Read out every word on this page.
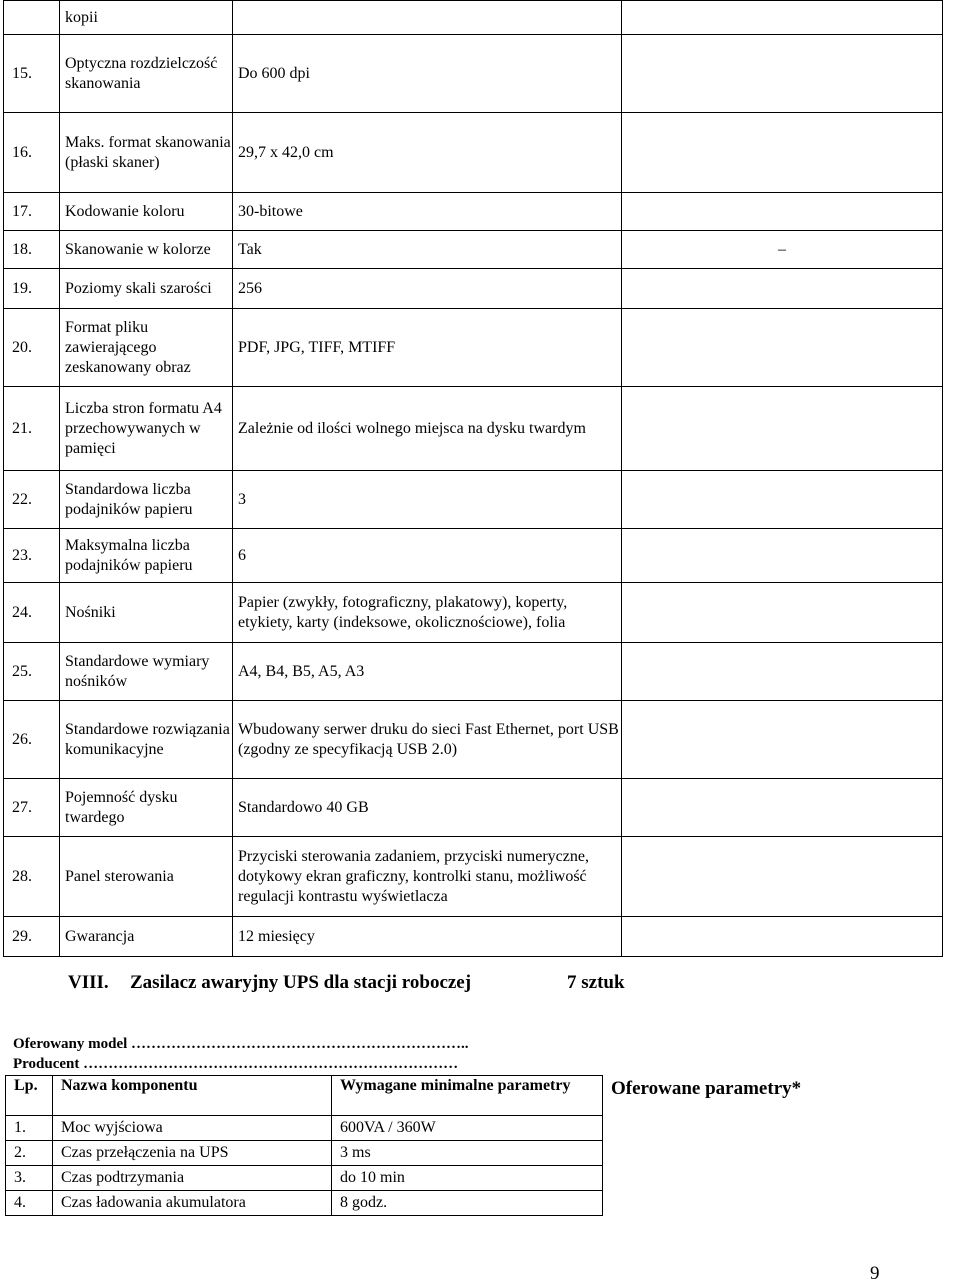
	kopii		
15.	Optyczna rozdzielczość skanowania	Do 600 dpi	
16.	Maks. format skanowania (płaski skaner)	29,7 x 42,0 cm	
17.	Kodowanie koloru	30-bitowe	
18.	Skanowanie w kolorze	Tak	–
19.	Poziomy skali szarości	256	
20.	Format pliku zawierającego zeskanowany obraz	PDF, JPG, TIFF, MTIFF	
21.	Liczba stron formatu A4 przechowywanych w pamięci	Zależnie od ilości wolnego miejsca na dysku twardym	
22.	Standardowa liczba podajników papieru	3	
23.	Maksymalna liczba podajników papieru	6	
24.	Nośniki	Papier (zwykły, fotograficzny, plakatowy), koperty, etykiety, karty (indeksowe, okolicznościowe), folia	
25.	Standardowe wymiary nośników	A4, B4, B5, A5, A3	
26.	Standardowe rozwiązania komunikacyjne	Wbudowany serwer druku do sieci Fast Ethernet, port USB (zgodny ze specyfikacją USB 2.0)	
27.	Pojemność dysku twardego	Standardowo 40 GB	
28.	Panel sterowania	Przyciski sterowania zadaniem, przyciski numeryczne, dotykowy ekran graficzny, kontrolki stanu, możliwość regulacji kontrastu wyświetlacza	
29.	Gwarancja	12 miesięcy	
VIII. Zasilacz awaryjny UPS dla stacji roboczej	7 sztuk
Oferowany model …………………………………………………………..
Producent …………………………………………………………………
Oferowane parametry*
Lp.	Nazwa komponentu	Wymagane minimalne parametry
1.	Moc wyjściowa	600VA / 360W
2.	Czas przełączenia na UPS	3 ms
3.	Czas podtrzymania	do 10 min
4.	Czas ładowania akumulatora	8 godz.
9
